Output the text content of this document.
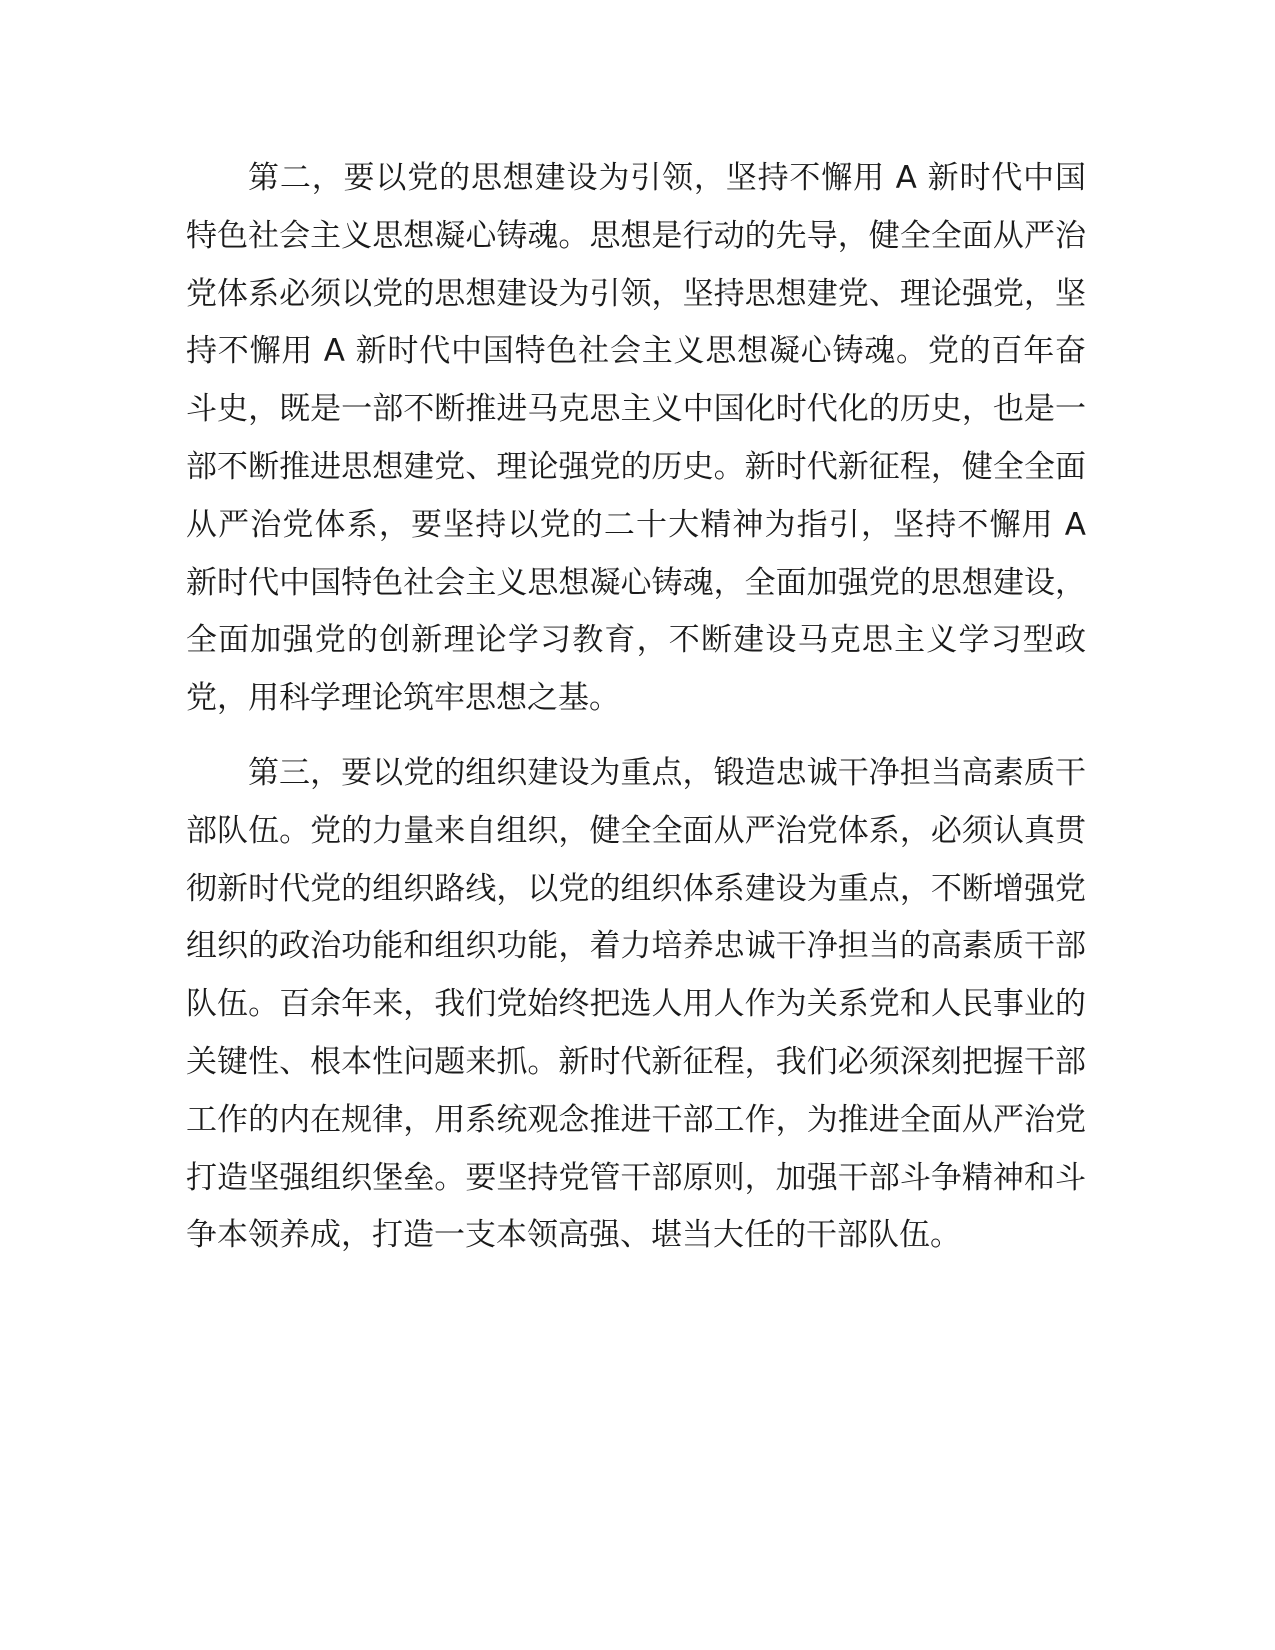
第二，要以党的思想建设为引领，坚持不懈用 A 新时代中国特色社会主义思想凝心铸魂。思想是行动的先导，健全全面从严治党体系必须以党的思想建设为引领，坚持思想建党、理论强党，坚持不懈用 A 新时代中国特色社会主义思想凝心铸魂。党的百年奋斗史，既是一部不断推进马克思主义中国化时代化的历史，也是一部不断推进思想建党、理论强党的历史。新时代新征程，健全全面从严治党体系，要坚持以党的二十大精神为指引，坚持不懈用 A 新时代中国特色社会主义思想凝心铸魂，全面加强党的思想建设，全面加强党的创新理论学习教育，不断建设马克思主义学习型政党，用科学理论筑牢思想之基。

第三，要以党的组织建设为重点，锻造忠诚干净担当高素质干部队伍。党的力量来自组织，健全全面从严治党体系，必须认真贯彻新时代党的组织路线，以党的组织体系建设为重点，不断增强党组织的政治功能和组织功能，着力培养忠诚干净担当的高素质干部队伍。百余年来，我们党始终把选人用人作为关系党和人民事业的关键性、根本性问题来抓。新时代新征程，我们必须深刻把握干部工作的内在规律，用系统观念推进干部工作，为推进全面从严治党打造坚强组织堡垒。要坚持党管干部原则，加强干部斗争精神和斗争本领养成，打造一支本领高强、堪当大任的干部队伍。
